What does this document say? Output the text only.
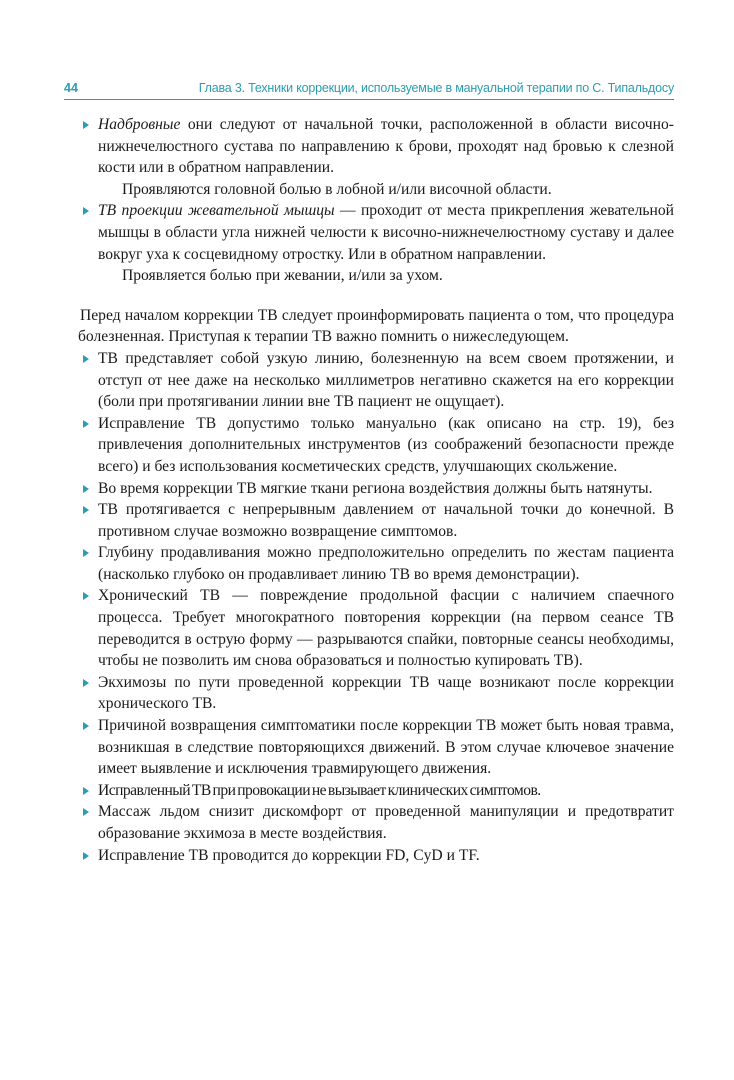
44	Глава 3. Техники коррекции, используемые в мануальной терапии по С. Типальдосу
Надбровные они следуют от начальной точки, расположенной в области височно-нижнечелюстного сустава по направлению к брови, проходят над бровью к слезной кости или в обратном направлении.

Проявляются головной болью в лобной и/или височной области.

ТВ проекции жевательной мышцы — проходит от места прикрепления жевательной мышцы в области угла нижней челюсти к височно-нижнечелюстному суставу и далее вокруг уха к сосцевидному отростку. Или в обратном направлении.

Проявляется болью при жевании, и/или за ухом.

Перед началом коррекции ТВ следует проинформировать пациента о том, что процедура болезненная. Приступая к терапии ТВ важно помнить о нижеследующем.

ТВ представляет собой узкую линию, болезненную на всем своем протяжении, и отступ от нее даже на несколько миллиметров негативно скажется на его коррекции (боли при протягивании линии вне ТВ пациент не ощущает).
Исправление ТВ допустимо только мануально (как описано на стр. 19), без привлечения дополнительных инструментов (из соображений безопасности прежде всего) и без использования косметических средств, улучшающих скольжение.
Во время коррекции ТВ мягкие ткани региона воздействия должны быть натянуты.
ТВ протягивается с непрерывным давлением от начальной точки до конечной. В противном случае возможно возвращение симптомов.
Глубину продавливания можно предположительно определить по жестам пациента (насколько глубоко он продавливает линию ТВ во время демонстрации).
Хронический ТВ — повреждение продольной фасции с наличием спаечного процесса. Требует многократного повторения коррекции (на первом сеансе ТВ переводится в острую форму — разрываются спайки, повторные сеансы необходимы, чтобы не позволить им снова образоваться и полностью купировать ТВ).
Экхимозы по пути проведенной коррекции ТВ чаще возникают после коррекции хронического ТВ.
Причиной возвращения симптоматики после коррекции ТВ может быть новая травма, возникшая в следствие повторяющихся движений. В этом случае ключевое значение имеет выявление и исключения травмирующего движения.
Исправленный ТВ при провокации не вызывает клинических симптомов.
Массаж льдом снизит дискомфорт от проведенной манипуляции и предотвратит образование экхимоза в месте воздействия.
Исправление ТВ проводится до коррекции FD, CyD и TF.
